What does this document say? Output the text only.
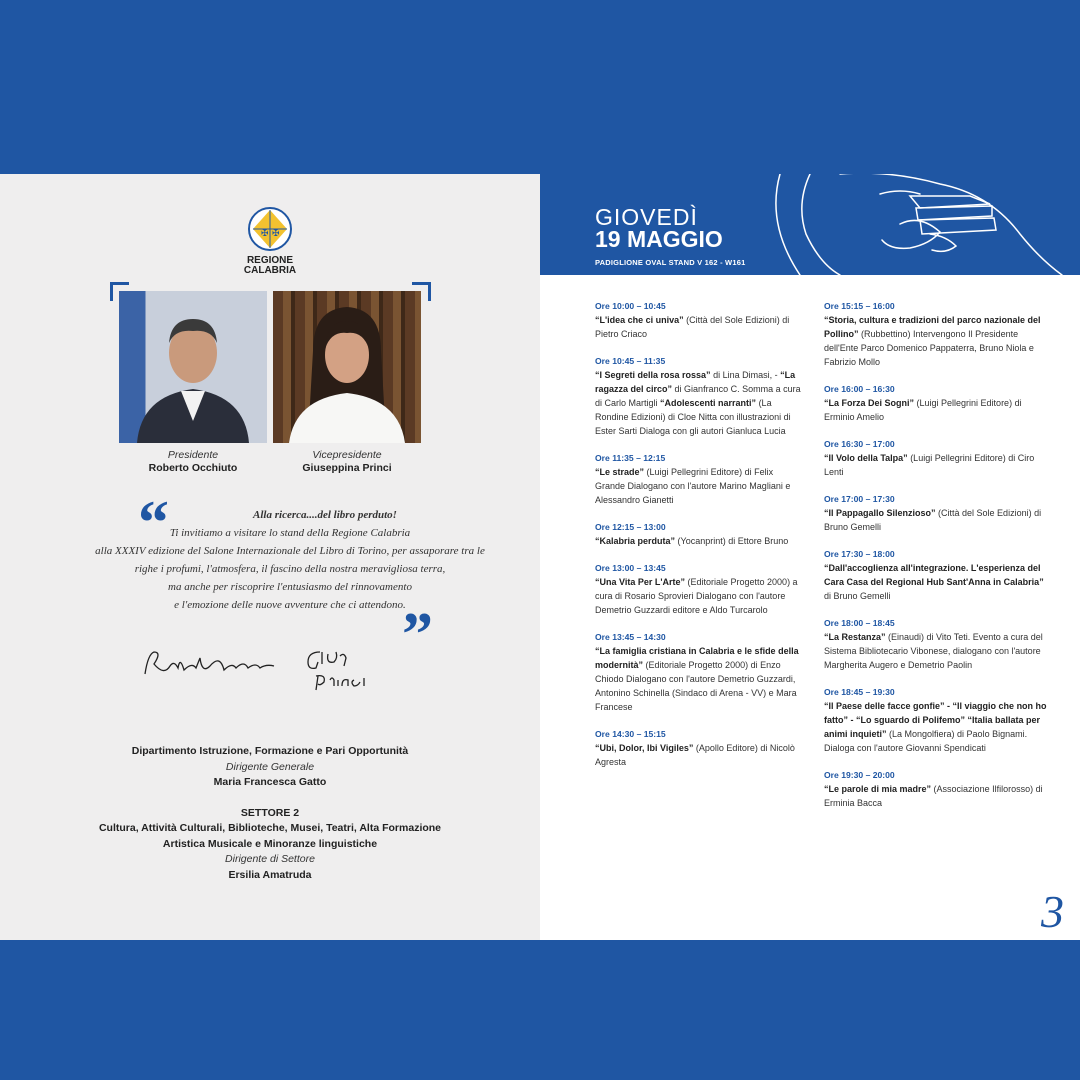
✠ ✠
REGIONE
CALABRIA
Presidente
Roberto Occhiuto
Vicepresidente
Giuseppina Princi
“	Alla ricerca....del libro perduto!
Ti invitiamo a visitare lo stand della Regione Calabria
alla XXXIV edizione del Salone Internazionale del Libro di Torino, per assaporare tra le
righe i profumi, l'atmosfera, il fascino della nostra meravigliosa terra,
ma anche per riscoprire l'entusiasmo del rinnovamento
e l'emozione delle nuove avventure che ci attendono.
”
Dipartimento Istruzione, Formazione e Pari Opportunità
Dirigente Generale
Maria Francesca Gatto
SETTORE 2
Cultura, Attività Culturali, Biblioteche, Musei, Teatri, Alta Formazione
Artistica Musicale e Minoranze linguistiche
Dirigente di Settore
Ersilia Amatruda
GIOVEDÌ
19 MAGGIO
PADIGLIONE OVAL STAND V 162 - W161
Ore 10:00 – 10:45
“L'idea che ci univa” (Città del Sole Edizioni) di Pietro Criaco
Ore 10:45 – 11:35
“I Segreti della rosa rossa” di Lina Dimasi, - “La ragazza del circo” di Gianfranco C. Somma a cura di Carlo Martigli “Adolescenti narranti” (La Rondine Edizioni) di Cloe Nitta con illustrazioni di Ester Sarti Dialoga con gli autori Gianluca Lucia
Ore 11:35 – 12:15
“Le strade” (Luigi Pellegrini Editore) di Felix Grande Dialogano con l'autore Marino Magliani e Alessandro Gianetti
Ore 12:15 – 13:00
“Kalabria perduta” (Yocanprint) di Ettore Bruno
Ore 13:00 – 13:45
“Una Vita Per L'Arte” (Editoriale Progetto 2000) a cura di Rosario Sprovieri Dialogano con l'autore Demetrio Guzzardi editore e Aldo Turcarolo
Ore 13:45 – 14:30
“La famiglia cristiana in Calabria e le sfide della modernità” (Editoriale Progetto 2000) di Enzo Chiodo Dialogano con l'autore Demetrio Guzzardi, Antonino Schinella (Sindaco di Arena - VV) e Mara Francese
Ore 14:30 – 15:15
“Ubi, Dolor, Ibi Vigiles” (Apollo Editore) di Nicolò Agresta
Ore 15:15 – 16:00
“Storia, cultura e tradizioni del parco nazionale del Pollino” (Rubbettino) Intervengono Il Presidente dell'Ente Parco Domenico Pappaterra, Bruno Niola e Fabrizio Mollo
Ore 16:00 – 16:30
“La Forza Dei Sogni” (Luigi Pellegrini Editore) di Erminio Amelio
Ore 16:30 – 17:00
“Il Volo della Talpa” (Luigi Pellegrini Editore) di Ciro Lenti
Ore 17:00 – 17:30
“Il Pappagallo Silenzioso” (Città del Sole Edizioni) di Bruno Gemelli
Ore 17:30 – 18:00
“Dall'accoglienza all'integrazione. L'esperienza del Cara Casa del Regional Hub Sant'Anna in Calabria” di Bruno Gemelli
Ore 18:00 – 18:45
“La Restanza” (Einaudi) di Vito Teti. Evento a cura del Sistema Bibliotecario Vibonese, dialogano con l'autore Margherita Augero e Demetrio Paolin
Ore 18:45 – 19:30
“Il Paese delle facce gonfie” - “Il viaggio che non ho fatto” - “Lo sguardo di Polifemo” “Italia ballata per animi inquieti” (La Mongolfiera) di Paolo Bignami. Dialoga con l'autore Giovanni Spendicati
Ore 19:30 – 20:00
“Le parole di mia madre” (Associazione Ilfilorosso) di Erminia Bacca
3
